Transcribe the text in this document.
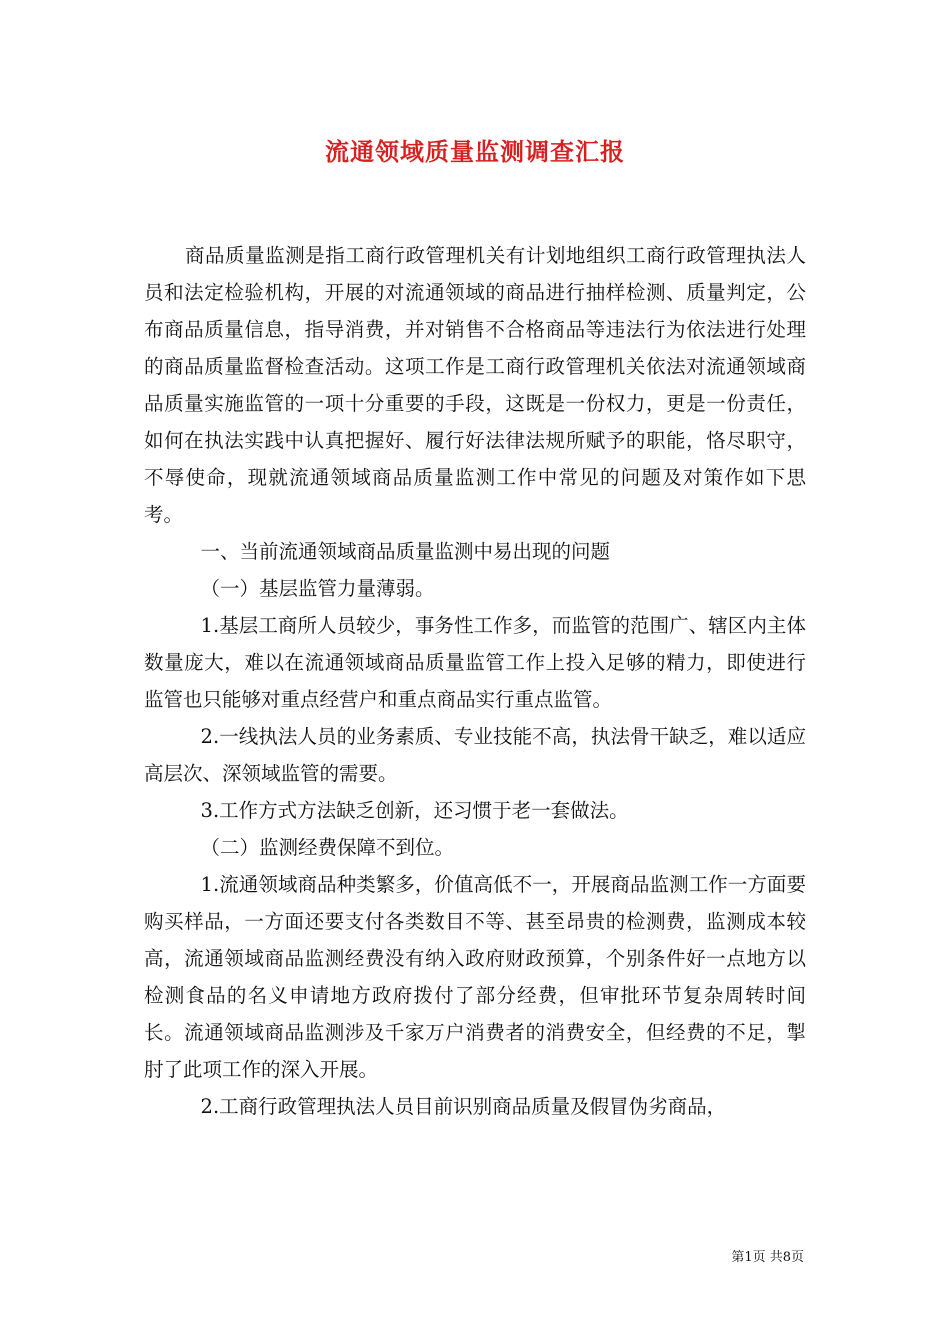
流通领域质量监测调查汇报

商品质量监测是指工商行政管理机关有计划地组织工商行政管理执法人员和法定检验机构，开展的对流通领域的商品进行抽样检测、质量判定，公布商品质量信息，指导消费，并对销售不合格商品等违法行为依法进行处理的商品质量监督检查活动。这项工作是工商行政管理机关依法对流通领域商品质量实施监管的一项十分重要的手段，这既是一份权力，更是一份责任，如何在执法实践中认真把握好、履行好法律法规所赋予的职能，恪尽职守，不辱使命，现就流通领域商品质量监测工作中常见的问题及对策作如下思考。

一、当前流通领域商品质量监测中易出现的问题

（一）基层监管力量薄弱。

1.基层工商所人员较少，事务性工作多，而监管的范围广、辖区内主体数量庞大，难以在流通领域商品质量监管工作上投入足够的精力，即使进行监管也只能够对重点经营户和重点商品实行重点监管。

2.一线执法人员的业务素质、专业技能不高，执法骨干缺乏，难以适应高层次、深领域监管的需要。

3.工作方式方法缺乏创新，还习惯于老一套做法。

（二）监测经费保障不到位。

1.流通领域商品种类繁多，价值高低不一，开展商品监测工作一方面要购买样品，一方面还要支付各类数目不等、甚至昂贵的检测费，监测成本较高，流通领域商品监测经费没有纳入政府财政预算，个别条件好一点地方以检测食品的名义申请地方政府拨付了部分经费，但审批环节复杂周转时间长。流通领域商品监测涉及千家万户消费者的消费安全，但经费的不足，掣肘了此项工作的深入开展。

2.工商行政管理执法人员目前识别商品质量及假冒伪劣商品，

第1页 共8页
